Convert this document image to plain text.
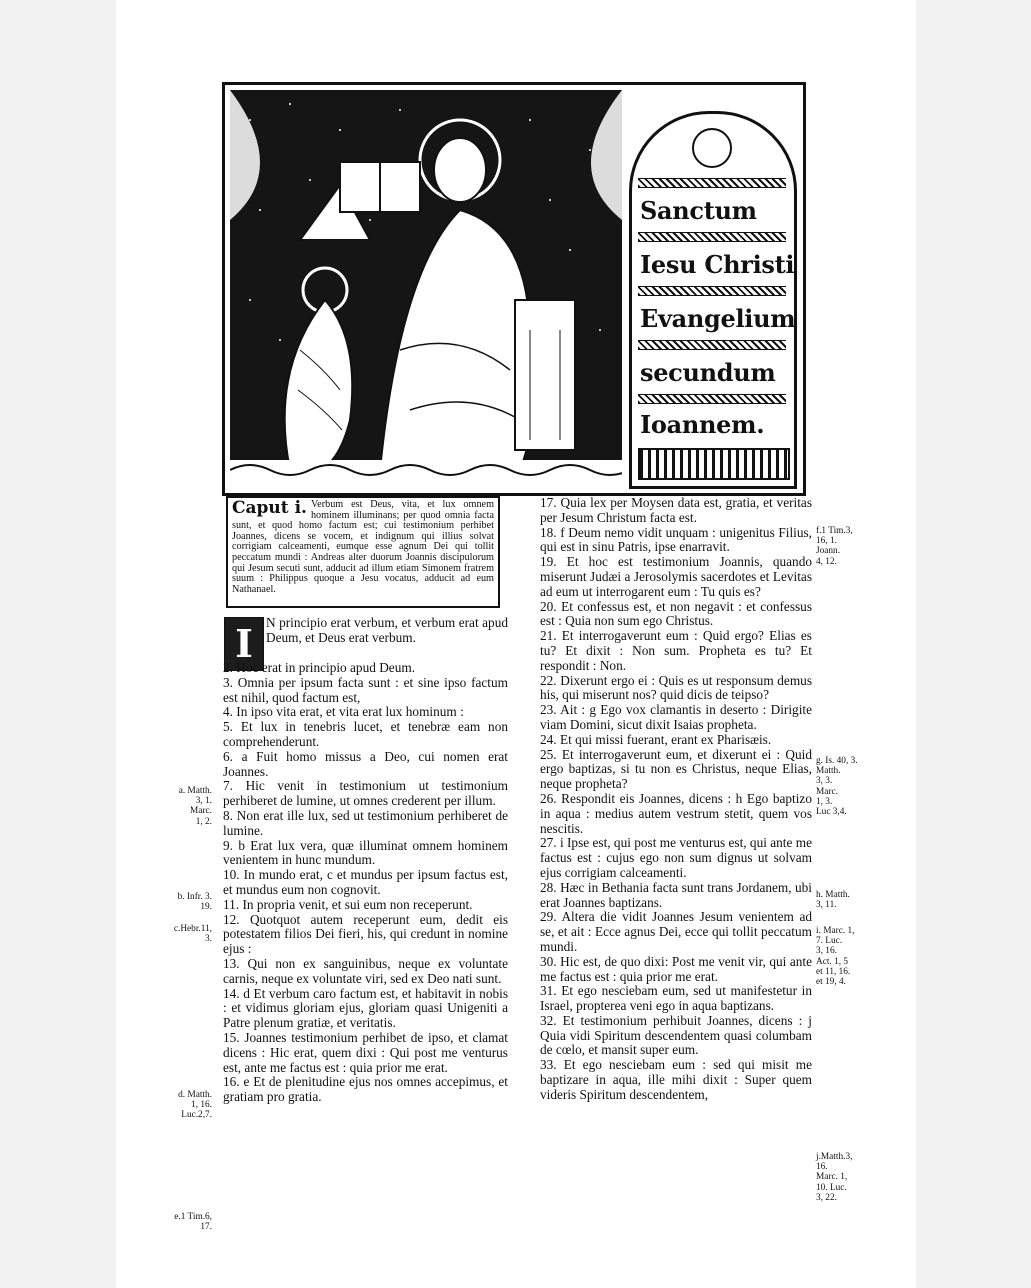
Sanctum
Iesu Christi
Evangelium
secundum
Ioannem.
Caput i. Verbum est Deus, vita, et lux omnem hominem illuminans; per quod omnia facta sunt, et quod homo factum est; cui testimonium perhibet Joannes, dicens se vocem, et indignum qui illius solvat corrigiam calceamenti, eumque esse agnum Dei qui tollit peccatum mundi : Andreas alter duorum Joannis discipulorum qui Jesum secuti sunt, adducit ad illum etiam Simonem fratrem suum : Philippus quoque a Jesu vocatus, adducit ad eum Nathanael.
I N principio erat verbum, et verbum erat apud Deum, et Deus erat verbum.

2. Hoc erat in principio apud Deum.

3. Omnia per ipsum facta sunt : et sine ipso factum est nihil, quod factum est,

4. In ipso vita erat, et vita erat lux hominum :

5. Et lux in tenebris lucet, et tenebræ eam non comprehenderunt.

6. a Fuit homo missus a Deo, cui nomen erat Joannes.

7. Hic venit in testimonium ut testimonium perhiberet de lumine, ut omnes crederent per illum.

8. Non erat ille lux, sed ut testimonium perhiberet de lumine.

9. b Erat lux vera, quæ illuminat omnem hominem venientem in hunc mundum.

10. In mundo erat, c et mundus per ipsum factus est, et mundus eum non cognovit.

11. In propria venit, et sui eum non receperunt.

12. Quotquot autem receperunt eum, dedit eis potestatem filios Dei fieri, his, qui credunt in nomine ejus :

13. Qui non ex sanguinibus, neque ex voluntate carnis, neque ex voluntate viri, sed ex Deo nati sunt.

14. d Et verbum caro factum est, et habitavit in nobis : et vidimus gloriam ejus, gloriam quasi Unigeniti a Patre plenum gratiæ, et veritatis.

15. Joannes testimonium perhibet de ipso, et clamat dicens : Hic erat, quem dixi : Qui post me venturus est, ante me factus est : quia prior me erat.

16. e Et de plenitudine ejus nos omnes accepimus, et gratiam pro gratia.

17. Quia lex per Moysen data est, gratia, et veritas per Jesum Christum facta est.

18. f Deum nemo vidit unquam : unigenitus Filius, qui est in sinu Patris, ipse enarravit.

19. Et hoc est testimonium Joannis, quando miserunt Judæi a Jerosolymis sacerdotes et Levitas ad eum ut interrogarent eum : Tu quis es?

20. Et confessus est, et non negavit : et confessus est : Quia non sum ego Christus.

21. Et interrogaverunt eum : Quid ergo? Elias es tu? Et dixit : Non sum. Propheta es tu? Et respondit : Non.

22. Dixerunt ergo ei : Quis es ut responsum demus his, qui miserunt nos? quid dicis de teipso?

23. Ait : g Ego vox clamantis in deserto : Dirigite viam Domini, sicut dixit Isaias propheta.

24. Et qui missi fuerant, erant ex Pharisæis.

25. Et interrogaverunt eum, et dixerunt ei : Quid ergo baptizas, si tu non es Christus, neque Elias, neque propheta?

26. Respondit eis Joannes, dicens : h Ego baptizo in aqua : medius autem vestrum stetit, quem vos nescitis.

27. i Ipse est, qui post me venturus est, qui ante me factus est : cujus ego non sum dignus ut solvam ejus corrigiam calceamenti.

28. Hæc in Bethania facta sunt trans Jordanem, ubi erat Joannes baptizans.

29. Altera die vidit Joannes Jesum venientem ad se, et ait : Ecce agnus Dei, ecce qui tollit peccatum mundi.

30. Hic est, de quo dixi: Post me venit vir, qui ante me factus est : quia prior me erat.

31. Et ego nesciebam eum, sed ut manifestetur in Israel, propterea veni ego in aqua baptizans.

32. Et testimonium perhibuit Joannes, dicens : j Quia vidi Spiritum descendentem quasi columbam de cœlo, et mansit super eum.

33. Et ego nesciebam eum : sed qui misit me baptizare in aqua, ille mihi dixit : Super quem videris Spiritum descendentem,

a. Matth.
3, 1.
Marc.
1, 2.
b. Infr. 3.
19.
c.Hebr.11,
3.
d. Matth.
1, 16.
Luc.2,7.
e.1 Tim.6,
17.
f.1 Tim.3,
16, 1.
Joann.
4, 12.
g. Is. 40, 3.
Matth.
3, 3.
Marc.
1, 3.
Luc 3,4.
h. Matth.
3, 11.
i. Marc. 1,
7. Luc.
3, 16.
Act. 1, 5
et 11, 16.
et 19, 4.
j.Matth.3,
16.
Marc. 1,
10. Luc.
3, 22.
